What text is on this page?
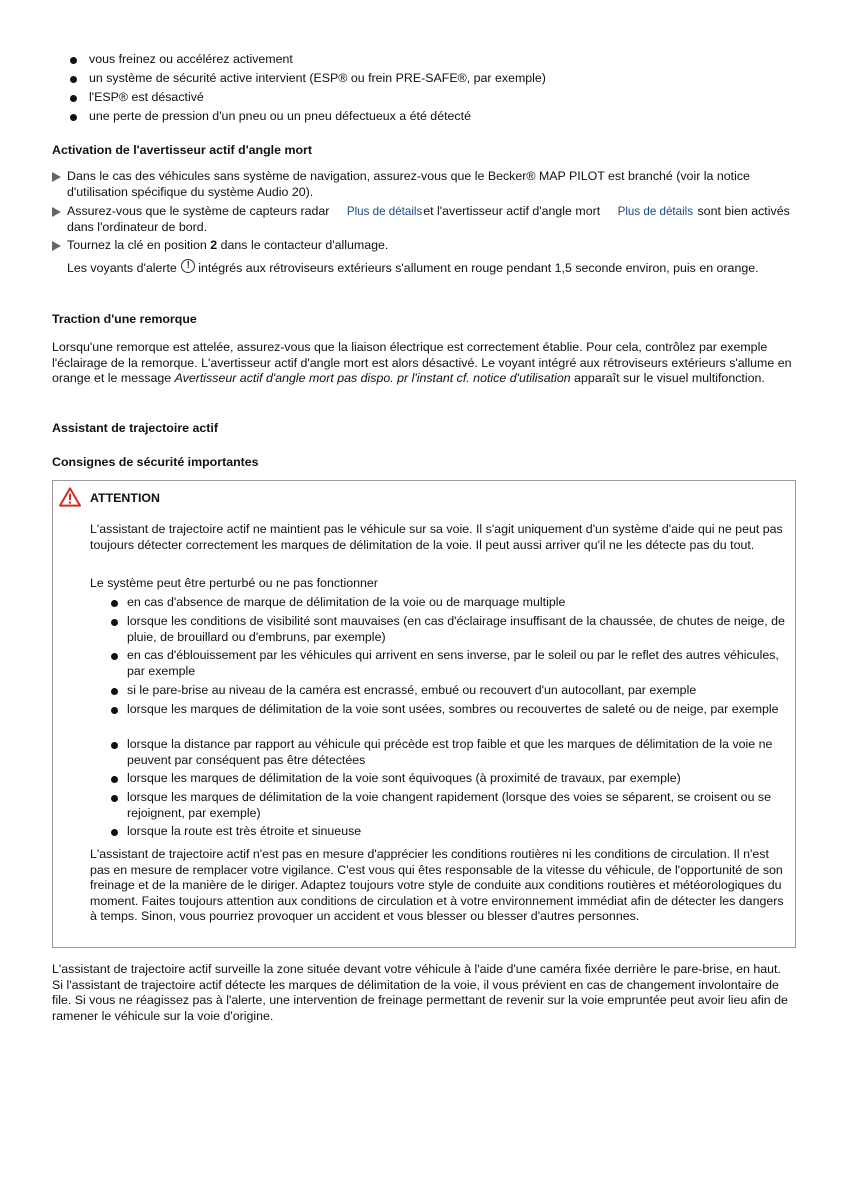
vous freinez ou accélérez activement
un système de sécurité active intervient (ESP® ou frein PRE-SAFE®, par exemple)
l'ESP® est désactivé
une perte de pression d'un pneu ou un pneu défectueux a été détecté
Activation de l'avertisseur actif d'angle mort
Dans le cas des véhicules sans système de navigation, assurez-vous que le Becker® MAP PILOT est branché (voir la notice d'utilisation spécifique du système Audio 20).
Assurez-vous que le système de capteurs radar Plus de détailset l'avertisseur actif d'angle mort Plus de détails sont bien activés dans l'ordinateur de bord.
Tournez la clé en position 2 dans le contacteur d'allumage.
Les voyants d'alerte ! intégrés aux rétroviseurs extérieurs s'allument en rouge pendant 1,5 seconde environ, puis en orange.
Traction d'une remorque
Lorsqu'une remorque est attelée, assurez-vous que la liaison électrique est correctement établie. Pour cela, contrôlez par exemple l'éclairage de la remorque. L'avertisseur actif d'angle mort est alors désactivé. Le voyant intégré aux rétroviseurs extérieurs s'allume en orange et le message Avertisseur actif d'angle mort pas dispo. pr l'instant cf. notice d'utilisation apparaît sur le visuel multifonction.
Assistant de trajectoire actif
Consignes de sécurité importantes
ATTENTION
L'assistant de trajectoire actif ne maintient pas le véhicule sur sa voie. Il s'agit uniquement d'un système d'aide qui ne peut pas toujours détecter correctement les marques de délimitation de la voie. Il peut aussi arriver qu'il ne les détecte pas du tout.
Le système peut être perturbé ou ne pas fonctionner
en cas d'absence de marque de délimitation de la voie ou de marquage multiple
lorsque les conditions de visibilité sont mauvaises (en cas d'éclairage insuffisant de la chaussée, de chutes de neige, de pluie, de brouillard ou d'embruns, par exemple)
en cas d'éblouissement par les véhicules qui arrivent en sens inverse, par le soleil ou par le reflet des autres véhicules, par exemple
si le pare-brise au niveau de la caméra est encrassé, embué ou recouvert d'un autocollant, par exemple
lorsque les marques de délimitation de la voie sont usées, sombres ou recouvertes de saleté ou de neige, par exemple
lorsque la distance par rapport au véhicule qui précède est trop faible et que les marques de délimitation de la voie ne peuvent par conséquent pas être détectées
lorsque les marques de délimitation de la voie sont équivoques (à proximité de travaux, par exemple)
lorsque les marques de délimitation de la voie changent rapidement (lorsque des voies se séparent, se croisent ou se rejoignent, par exemple)
lorsque la route est très étroite et sinueuse
L'assistant de trajectoire actif n'est pas en mesure d'apprécier les conditions routières ni les conditions de circulation. Il n'est pas en mesure de remplacer votre vigilance. C'est vous qui êtes responsable de la vitesse du véhicule, de l'opportunité de son freinage et de la manière de le diriger. Adaptez toujours votre style de conduite aux conditions routières et météorologiques du moment. Faites toujours attention aux conditions de circulation et à votre environnement immédiat afin de détecter les dangers à temps. Sinon, vous pourriez provoquer un accident et vous blesser ou blesser d'autres personnes.
L'assistant de trajectoire actif surveille la zone située devant votre véhicule à l'aide d'une caméra fixée derrière le pare-brise, en haut. Si l'assistant de trajectoire actif détecte les marques de délimitation de la voie, il vous prévient en cas de changement involontaire de file. Si vous ne réagissez pas à l'alerte, une intervention de freinage permettant de revenir sur la voie empruntée peut avoir lieu afin de ramener le véhicule sur la voie d'origine.
